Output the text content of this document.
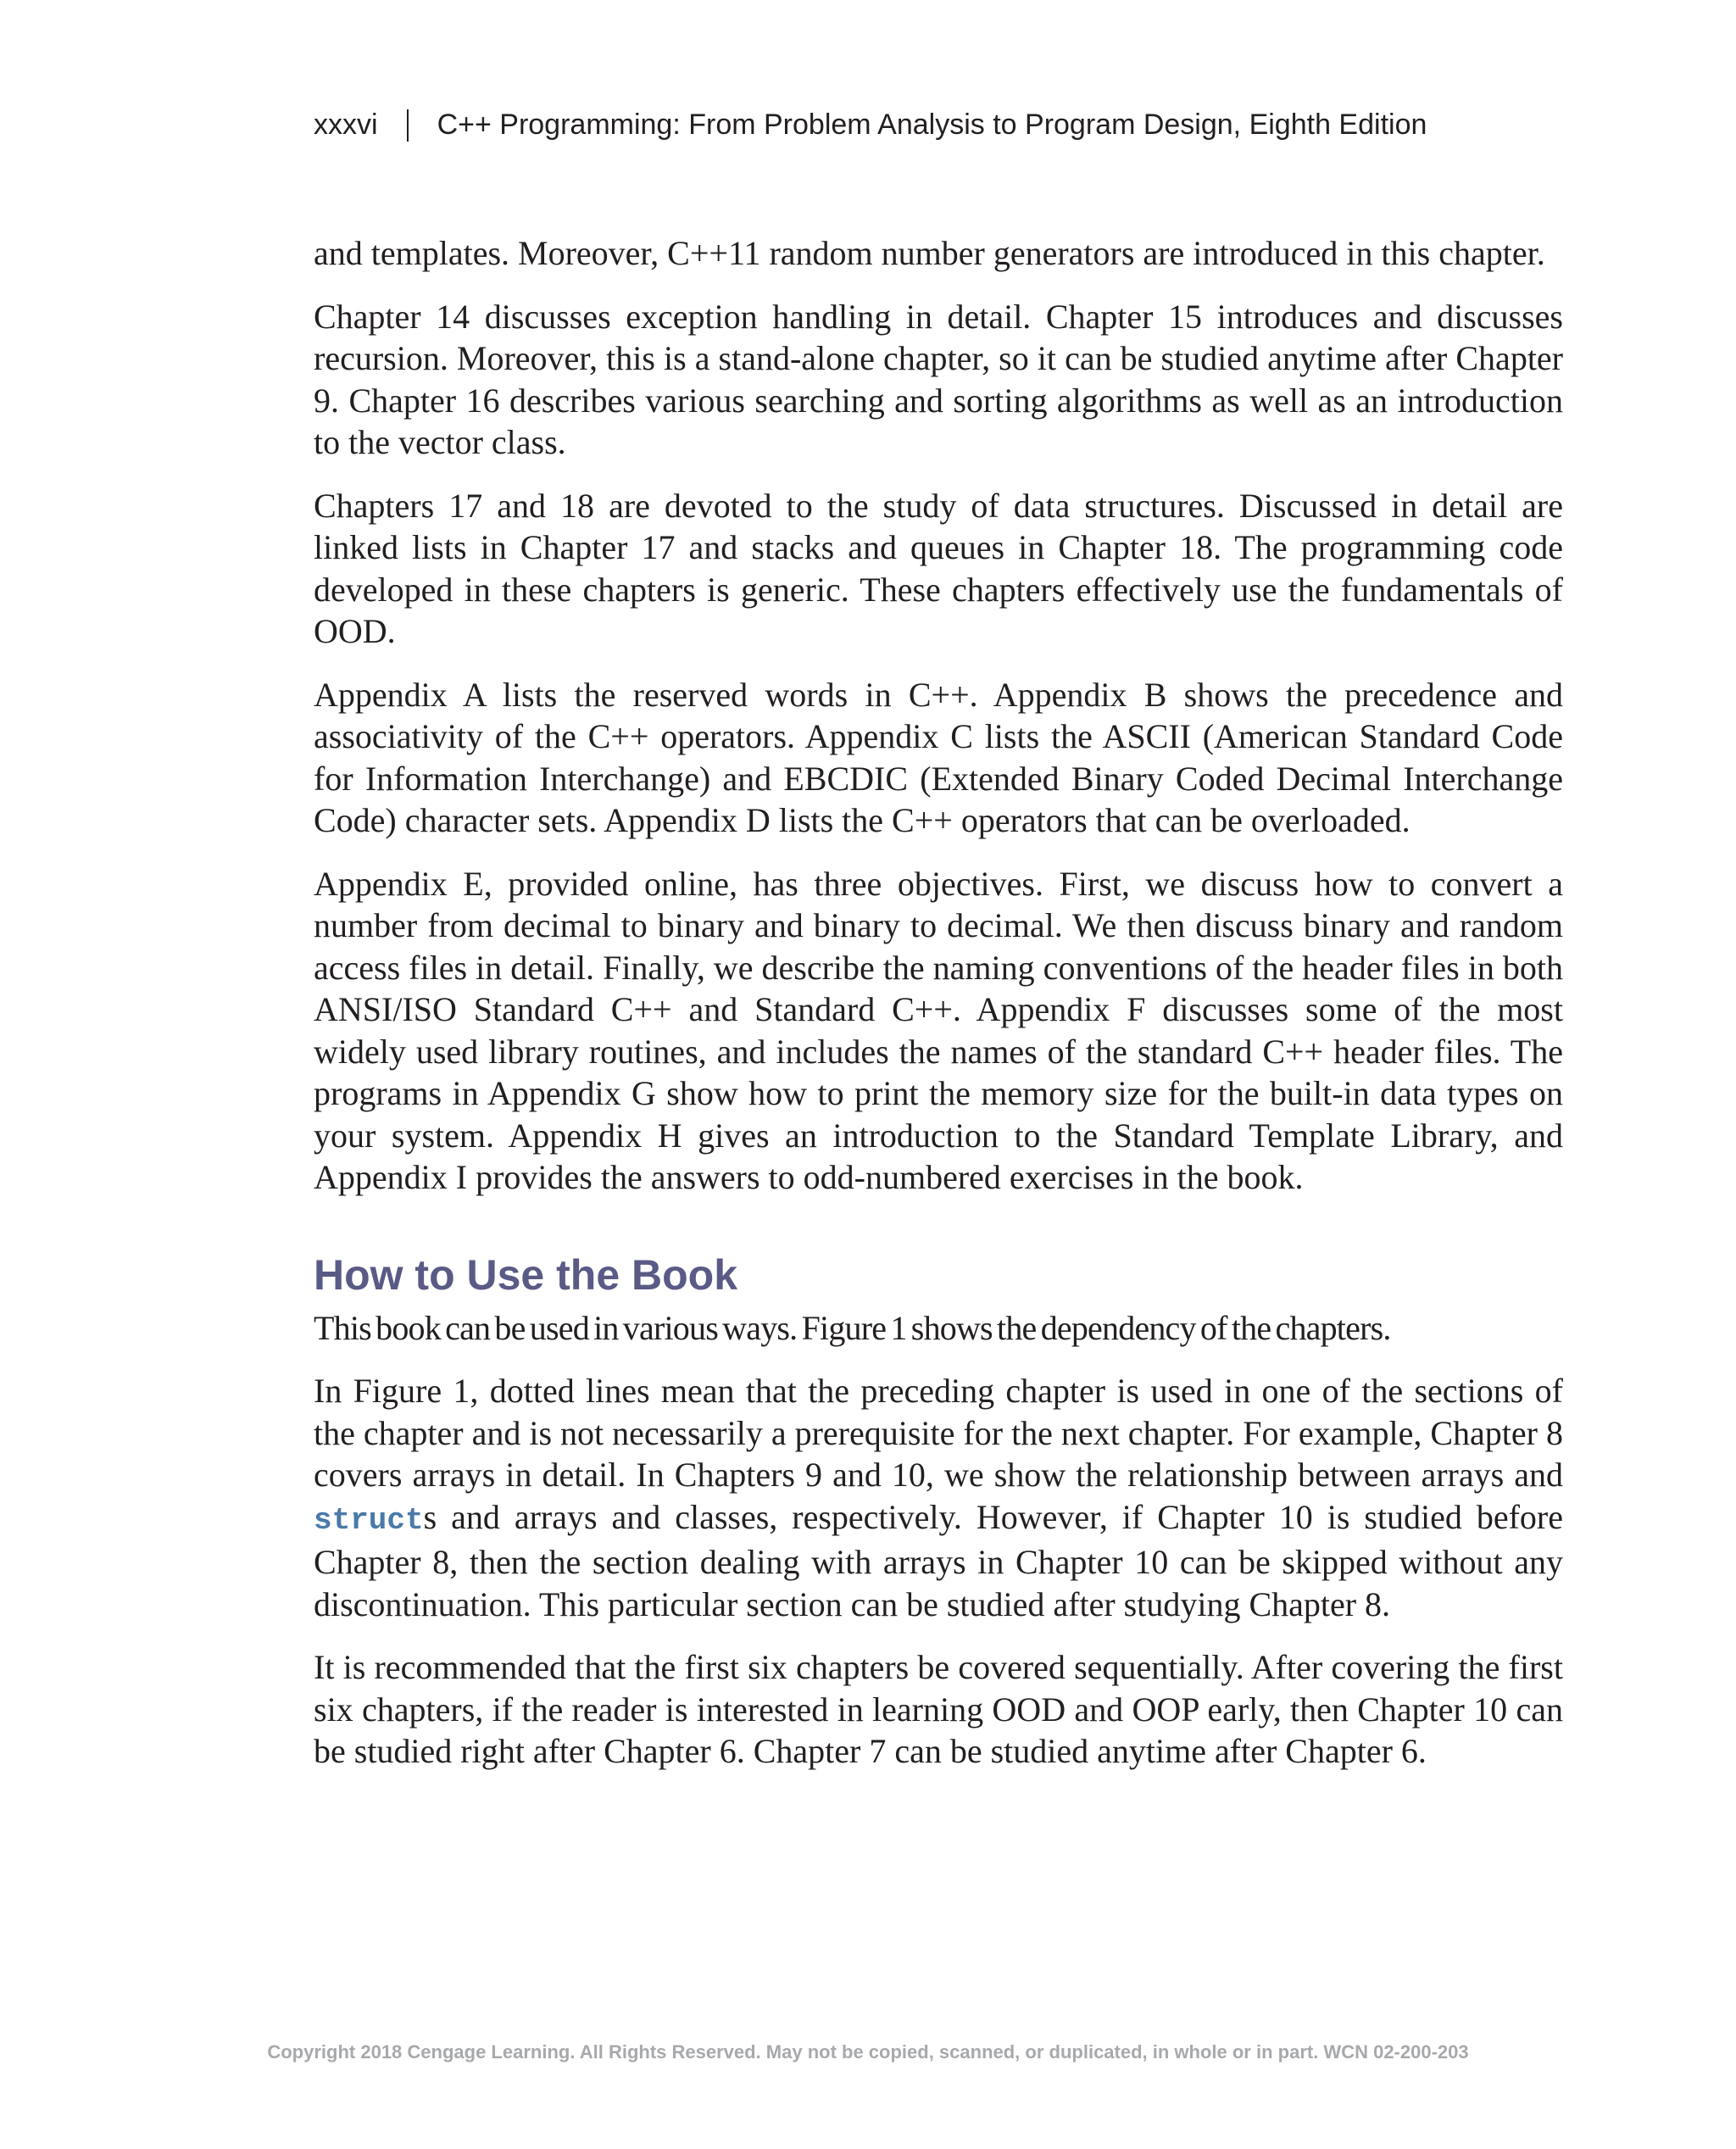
xxxvi C++ Programming: From Problem Analysis to Program Design, Eighth Edition

and templates. Moreover, C++11 random number generators are introduced in this chapter.

Chapter 14 discusses exception handling in detail. Chapter 15 introduces and discusses recursion. Moreover, this is a stand-alone chapter, so it can be studied anytime after Chapter 9. Chapter 16 describes various searching and sorting algorithms as well as an introduction to the vector class.

Chapters 17 and 18 are devoted to the study of data structures. Discussed in detail are linked lists in Chapter 17 and stacks and queues in Chapter 18. The programming code developed in these chapters is generic. These chapters effectively use the fundamentals of OOD.

Appendix A lists the reserved words in C++. Appendix B shows the precedence and associativity of the C++ operators. Appendix C lists the ASCII (American Standard Code for Information Interchange) and EBCDIC (Extended Binary Coded Decimal Interchange Code) character sets. Appendix D lists the C++ operators that can be overloaded.

Appendix E, provided online, has three objectives. First, we discuss how to convert a number from decimal to binary and binary to decimal. We then discuss binary and random access files in detail. Finally, we describe the naming conventions of the header files in both ANSI/ISO Standard C++ and Standard C++. Appendix F discusses some of the most widely used library routines, and includes the names of the standard C++ header files. The programs in Appendix G show how to print the memory size for the built-in data types on your system. Appendix H gives an introduction to the Standard Template Library, and Appendix I provides the answers to odd-numbered exercises in the book.

How to Use the Book

This book can be used in various ways. Figure 1 shows the dependency of the chapters.

In Figure 1, dotted lines mean that the preceding chapter is used in one of the sections of the chapter and is not necessarily a prerequisite for the next chapter. For example, Chapter 8 covers arrays in detail. In Chapters 9 and 10, we show the relationship between arrays and structs and arrays and classes, respectively. However, if Chapter 10 is studied before Chapter 8, then the section dealing with arrays in Chapter 10 can be skipped without any discontinuation. This particular section can be studied after studying Chapter 8.

It is recommended that the first six chapters be covered sequentially. After covering the first six chapters, if the reader is interested in learning OOD and OOP early, then Chapter 10 can be studied right after Chapter 6. Chapter 7 can be studied anytime after Chapter 6.

Copyright 2018 Cengage Learning. All Rights Reserved. May not be copied, scanned, or duplicated, in whole or in part. WCN 02-200-203
